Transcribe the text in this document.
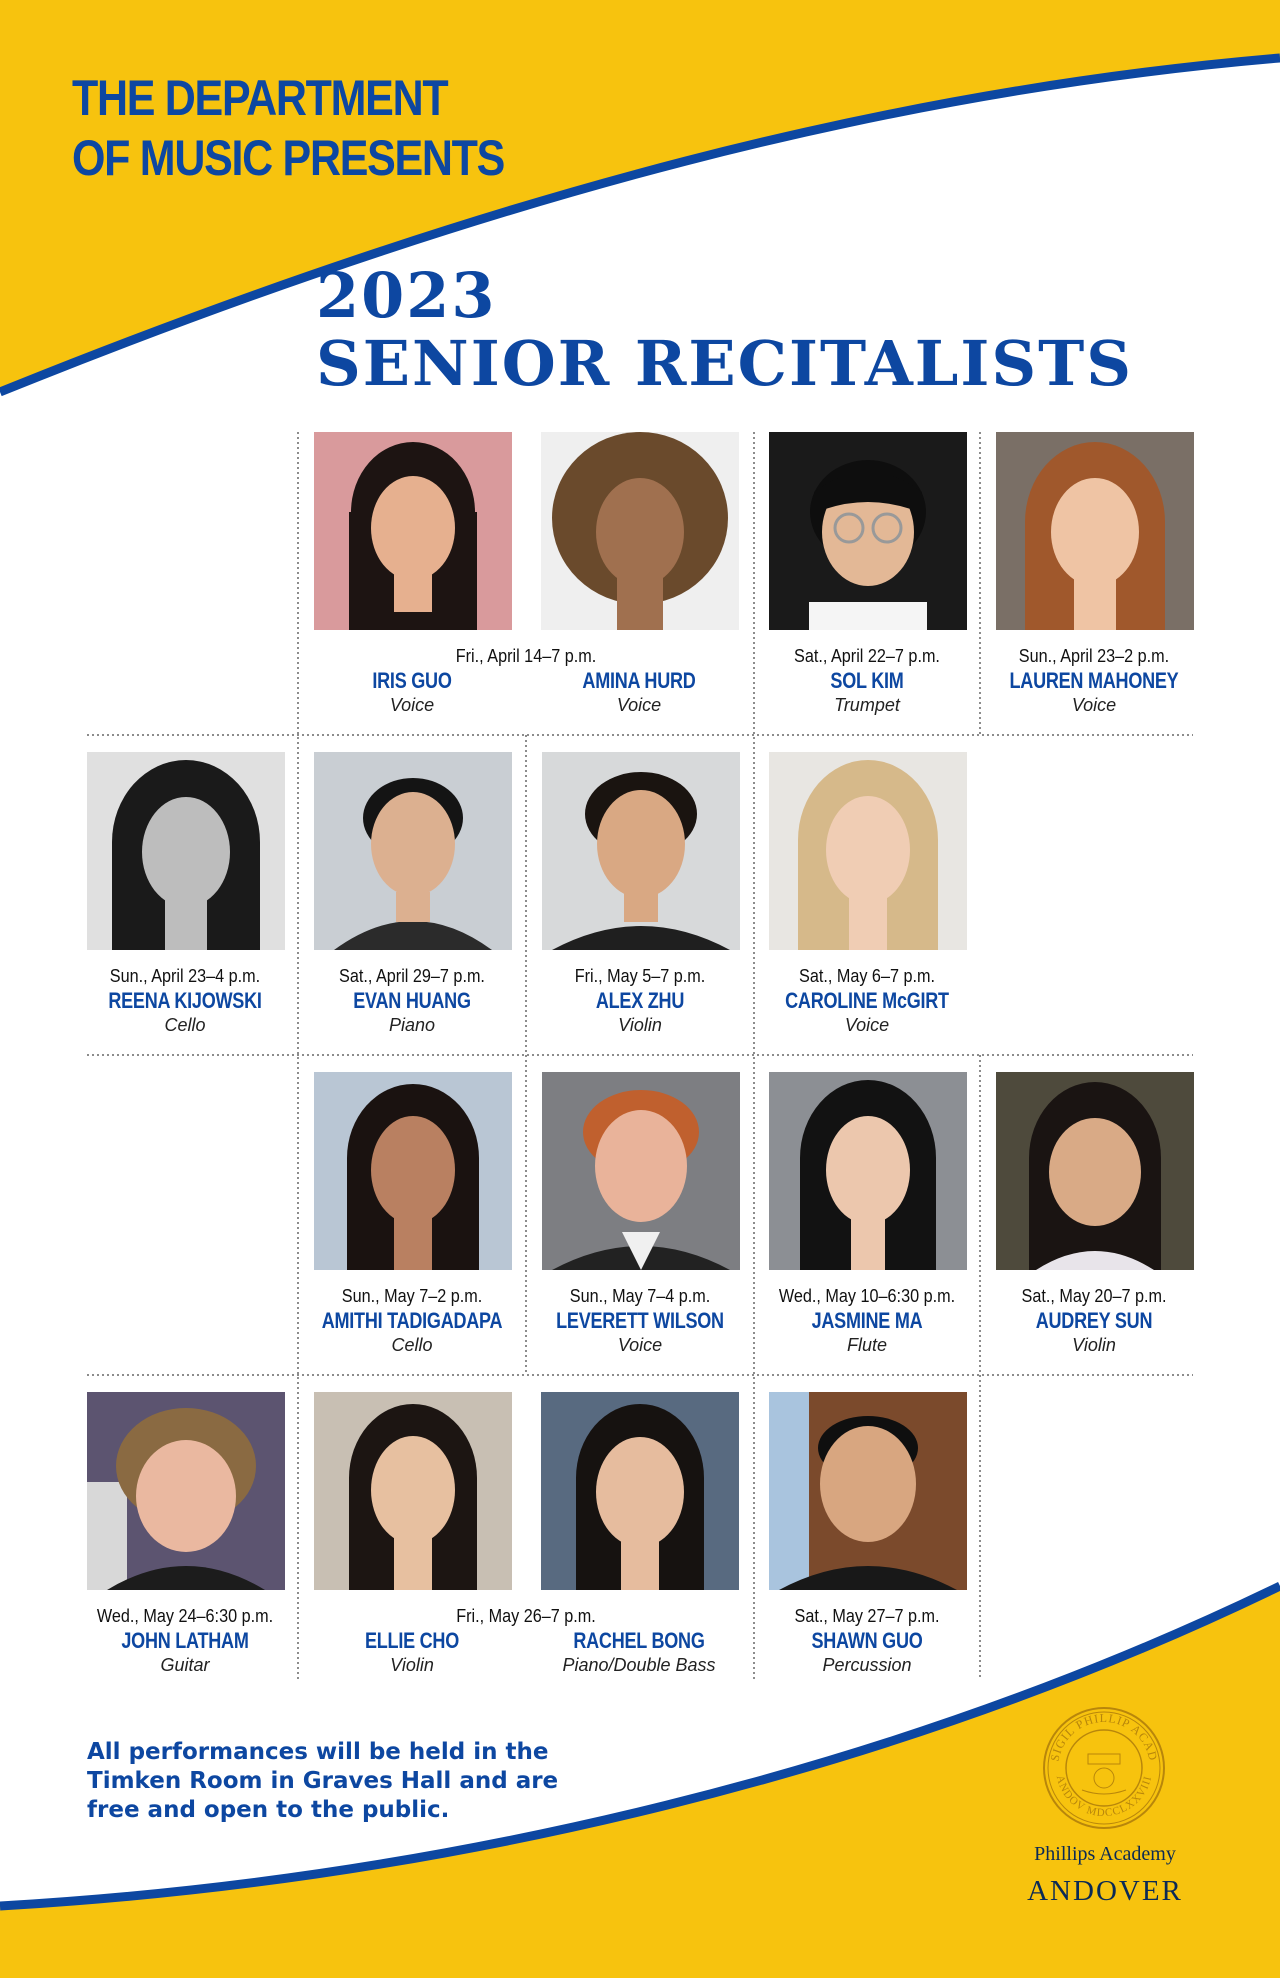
THE DEPARTMENT
OF MUSIC PRESENTS
2023
SENIOR RECITALISTS
Fri., April 14–7 p.m.
IRIS GUO
Voice
AMINA HURD
Voice
Sat., April 22–7 p.m.
SOL KIM
Trumpet
Sun., April 23–2 p.m.
LAUREN MAHONEY
Voice
Sun., April 23–4 p.m.
REENA KIJOWSKI
Cello
Sat., April 29–7 p.m.
EVAN HUANG
Piano
Fri., May 5–7 p.m.
ALEX ZHU
Violin
Sat., May 6–7 p.m.
CAROLINE McGIRT
Voice
Sun., May 7–2 p.m.
AMITHI TADIGADAPA
Cello
Sun., May 7–4 p.m.
LEVERETT WILSON
Voice
Wed., May 10–6:30 p.m.
JASMINE MA
Flute
Sat., May 20–7 p.m.
AUDREY SUN
Violin
Wed., May 24–6:30 p.m.
JOHN LATHAM
Guitar
Fri., May 26–7 p.m.
ELLIE CHO
Violin
RACHEL BONG
Piano/Double Bass
Sat., May 27–7 p.m.
SHAWN GUO
Percussion

All performances will be held in the
Timken Room in Graves Hall and are
free and open to the public.

SIGIL PHILLIP ACAD
ANDOV MDCCLXXVIII
Phillips Academy
ANDOVER
